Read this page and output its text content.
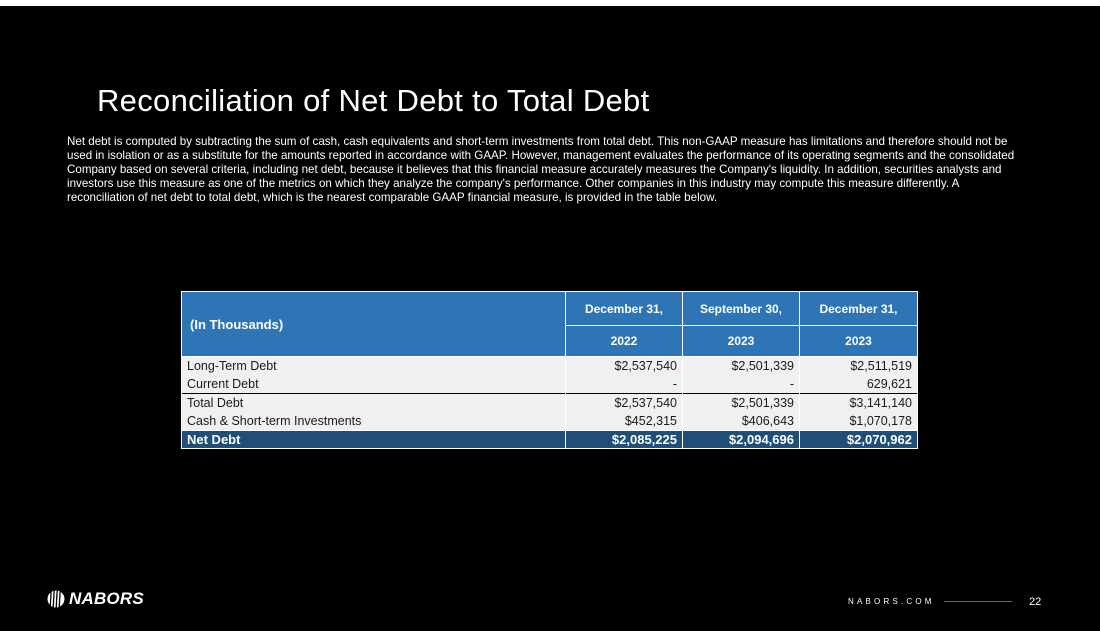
Reconciliation of Net Debt to Total Debt

Net debt is computed by subtracting the sum of cash, cash equivalents and short-term investments from total debt. This non-GAAP measure has limitations and therefore should not be used in isolation or as a substitute for the amounts reported in accordance with GAAP. However, management evaluates the performance of its operating segments and the consolidated Company based on several criteria, including net debt, because it believes that this financial measure accurately measures the Company's liquidity. In addition, securities analysts and investors use this measure as one of the metrics on which they analyze the company's performance. Other companies in this industry may compute this measure differently. A reconciliation of net debt to total debt, which is the nearest comparable GAAP financial measure, is provided in the table below.

(In Thousands)	December 31,	September 30,	December 31,
	2022	2023	2023
Long-Term Debt	$2,537,540	$2,501,339	$2,511,519
Current Debt	-	-	629,621
Total Debt	$2,537,540	$2,501,339	$3,141,140
Cash & Short-term Investments	$452,315	$406,643	$1,070,178
Net Debt	$2,085,225	$2,094,696	$2,070,962
NABORS	NABORS.COM	22
